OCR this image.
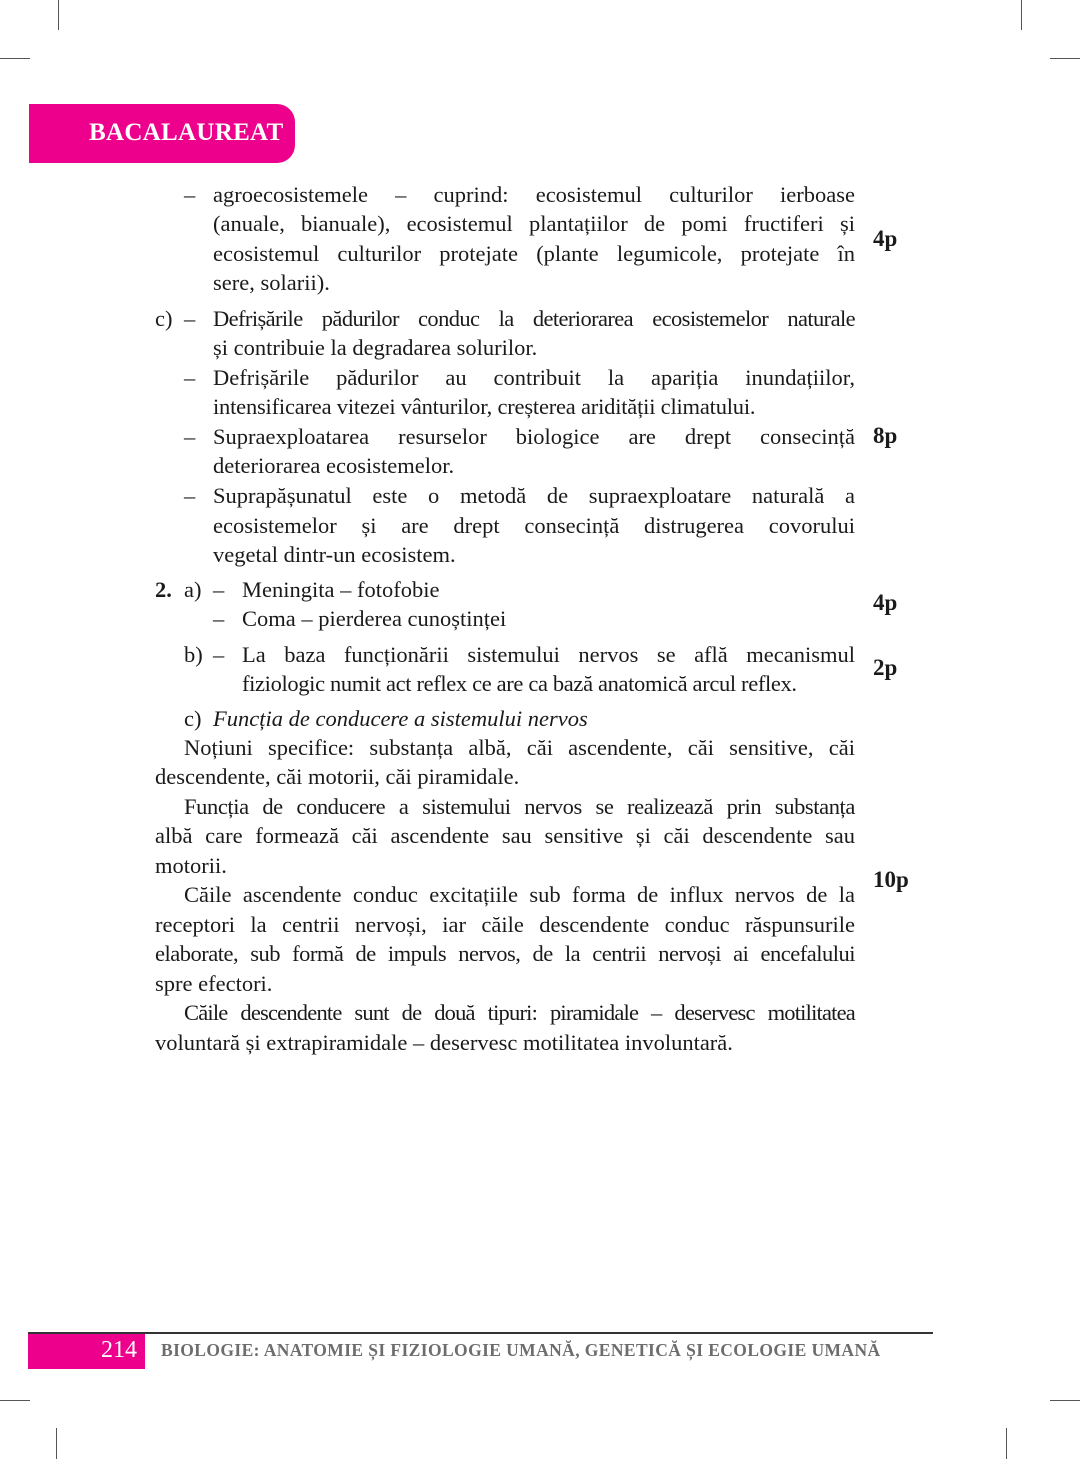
BACALAUREAT
– agroecosistemele – cuprind: ecosistemul culturilor ierboase
(anuale, bianuale), ecosistemul plantațiilor de pomi fructiferi și
ecosistemul culturilor protejate (plante legumicole, protejate în
sere, solarii).
4p
c) – Defrișările pădurilor conduc la deteriorarea ecosistemelor naturale
și contribuie la degradarea solurilor.
– Defrișările pădurilor au contribuit la apariția inundațiilor,
intensificarea vitezei vânturilor, creșterea aridității climatului.
– Supraexploatarea resurselor biologice are drept consecință
deteriorarea ecosistemelor.
8p
– Suprapășunatul este o metodă de supraexploatare naturală a
ecosistemelor și are drept consecință distrugerea covorului
vegetal dintr-un ecosistem.
2. a) – Meningita – fotofobie
– Coma – pierderea cunoștinței
4p
b) – La baza funcționării sistemului nervos se află mecanismul
fiziologic numit act reflex ce are ca bază anatomică arcul reflex.
2p
c) Funcția de conducere a sistemului nervos
Noțiuni specifice: substanța albă, căi ascendente, căi sensitive, căi
descendente, căi motorii, căi piramidale.
Funcția de conducere a sistemului nervos se realizează prin substanța
albă care formează căi ascendente sau sensitive și căi descendente sau
motorii.
Căile ascendente conduc excitațiile sub forma de influx nervos de la
receptori la centrii nervoși, iar căile descendente conduc răspunsurile
elaborate, sub formă de impuls nervos, de la centrii nervoși ai encefalului
spre efectori.
10p
Căile descendente sunt de două tipuri: piramidale – deservesc motilitatea
voluntară și extrapiramidale – deservesc motilitatea involuntară.
214 BIOLOGIE: ANATOMIE ȘI FIZIOLOGIE UMANĂ, GENETICĂ ȘI ECOLOGIE UMANĂ
